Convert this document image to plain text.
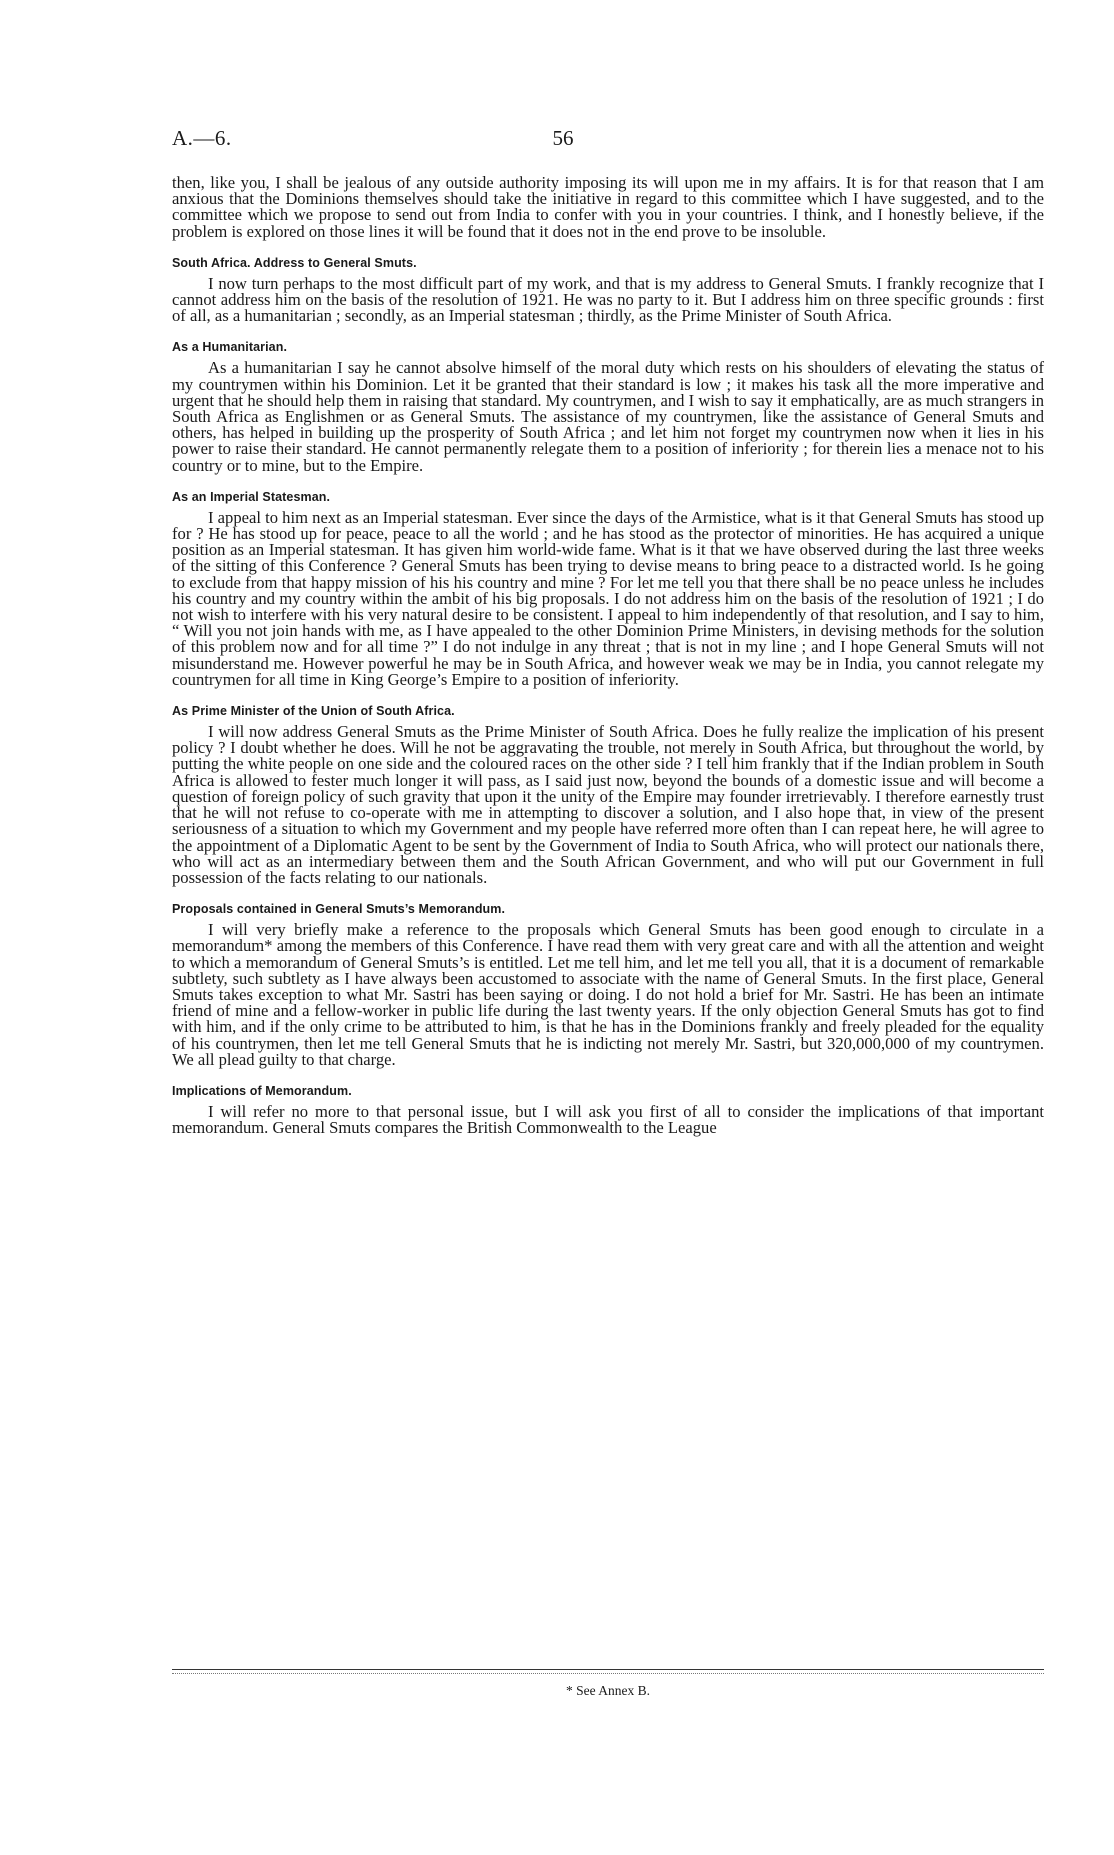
A.—6.	56

then, like you, I shall be jealous of any outside authority imposing its will upon me in my affairs. It is for that reason that I am anxious that the Dominions themselves should take the initiative in regard to this committee which I have suggested, and to the committee which we propose to send out from India to confer with you in your countries. I think, and I honestly believe, if the problem is explored on those lines it will be found that it does not in the end prove to be insoluble.

South Africa. Address to General Smuts.

I now turn perhaps to the most difficult part of my work, and that is my address to General Smuts. I frankly recognize that I cannot address him on the basis of the resolution of 1921. He was no party to it. But I address him on three specific grounds : first of all, as a humanitarian ; secondly, as an Imperial statesman ; thirdly, as the Prime Minister of South Africa.

As a Humanitarian.

As a humanitarian I say he cannot absolve himself of the moral duty which rests on his shoulders of elevating the status of my countrymen within his Dominion. Let it be granted that their standard is low ; it makes his task all the more imperative and urgent that he should help them in raising that standard. My countrymen, and I wish to say it emphatically, are as much strangers in South Africa as Englishmen or as General Smuts. The assistance of my countrymen, like the assistance of General Smuts and others, has helped in building up the prosperity of South Africa ; and let him not forget my countrymen now when it lies in his power to raise their standard. He cannot permanently relegate them to a position of inferiority ; for therein lies a menace not to his country or to mine, but to the Empire.

As an Imperial Statesman.

I appeal to him next as an Imperial statesman. Ever since the days of the Armistice, what is it that General Smuts has stood up for ? He has stood up for peace, peace to all the world ; and he has stood as the protector of minorities. He has acquired a unique position as an Imperial statesman. It has given him world-wide fame. What is it that we have observed during the last three weeks of the sitting of this Conference ? General Smuts has been trying to devise means to bring peace to a distracted world. Is he going to exclude from that happy mission of his his country and mine ? For let me tell you that there shall be no peace unless he includes his country and my country within the ambit of his big proposals. I do not address him on the basis of the resolution of 1921 ; I do not wish to interfere with his very natural desire to be consistent. I appeal to him independently of that resolution, and I say to him, “ Will you not join hands with me, as I have appealed to the other Dominion Prime Ministers, in devising methods for the solution of this problem now and for all time ?” I do not indulge in any threat ; that is not in my line ; and I hope General Smuts will not misunderstand me. However powerful he may be in South Africa, and however weak we may be in India, you cannot relegate my countrymen for all time in King George’s Empire to a position of inferiority.

As Prime Minister of the Union of South Africa.

I will now address General Smuts as the Prime Minister of South Africa. Does he fully realize the implication of his present policy ? I doubt whether he does. Will he not be aggravating the trouble, not merely in South Africa, but throughout the world, by putting the white people on one side and the coloured races on the other side ? I tell him frankly that if the Indian problem in South Africa is allowed to fester much longer it will pass, as I said just now, beyond the bounds of a domestic issue and will become a question of foreign policy of such gravity that upon it the unity of the Empire may founder irretrievably. I therefore earnestly trust that he will not refuse to co-operate with me in attempting to discover a solution, and I also hope that, in view of the present seriousness of a situation to which my Government and my people have referred more often than I can repeat here, he will agree to the appointment of a Diplomatic Agent to be sent by the Government of India to South Africa, who will protect our nationals there, who will act as an intermediary between them and the South African Government, and who will put our Government in full possession of the facts relating to our nationals.

Proposals contained in General Smuts’s Memorandum.

I will very briefly make a reference to the proposals which General Smuts has been good enough to circulate in a memorandum* among the members of this Conference. I have read them with very great care and with all the attention and weight to which a memorandum of General Smuts’s is entitled. Let me tell him, and let me tell you all, that it is a document of remarkable subtlety, such subtlety as I have always been accustomed to associate with the name of General Smuts. In the first place, General Smuts takes exception to what Mr. Sastri has been saying or doing. I do not hold a brief for Mr. Sastri. He has been an intimate friend of mine and a fellow-worker in public life during the last twenty years. If the only objection General Smuts has got to find with him, and if the only crime to be attributed to him, is that he has in the Dominions frankly and freely pleaded for the equality of his countrymen, then let me tell General Smuts that he is indicting not merely Mr. Sastri, but 320,000,000 of my countrymen. We all plead guilty to that charge.

Implications of Memorandum.

I will refer no more to that personal issue, but I will ask you first of all to consider the implications of that important memorandum. General Smuts compares the British Commonwealth to the League

* See Annex B.
